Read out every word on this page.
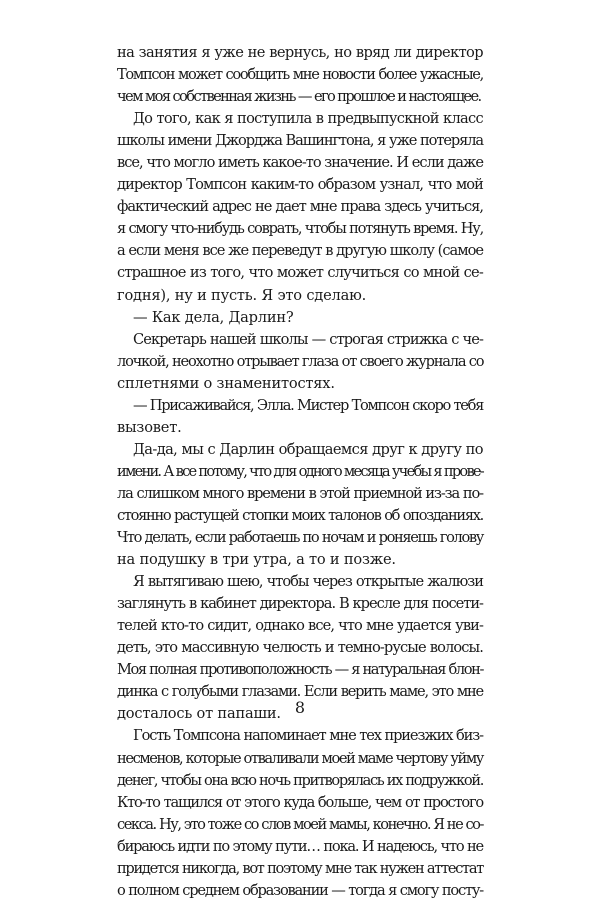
на занятия я уже не вернусь, но вряд ли директор
Томпсон может сообщить мне новости более ужасные,
чем моя собственная жизнь — его прошлое и настоящее.
До того, как я поступила в предвыпускной класс
школы имени Джорджа Вашингтона, я уже потеряла
все, что могло иметь какое-то значение. И если даже
директор Томпсон каким-то образом узнал, что мой
фактический адрес не дает мне права здесь учиться,
я смогу что-нибудь соврать, чтобы потянуть время. Ну,
а если меня все же переведут в другую школу (самое
страшное из того, что может случиться со мной се-
годня), ну и пусть. Я это сделаю.
— Как дела, Дарлин?
Секретарь нашей школы — строгая стрижка с че-
лочкой, неохотно отрывает глаза от своего журнала со
сплетнями о знаменитостях.
— Присаживайся, Элла. Мистер Томпсон скоро тебя
вызовет.
Да-да, мы с Дарлин обращаемся друг к другу по
имени. А все потому, что для одного месяца учебы я прове-
ла слишком много времени в этой приемной из-за по-
стоянно растущей стопки моих талонов об опозданиях.
Что делать, если работаешь по ночам и роняешь голову
на подушку в три утра, а то и позже.
Я вытягиваю шею, чтобы через открытые жалюзи
заглянуть в кабинет директора. В кресле для посети-
телей кто-то сидит, однако все, что мне удается уви-
деть, это массивную челюсть и темно-русые волосы.
Моя полная противоположность — я натуральная блон-
динка с голубыми глазами. Если верить маме, это мне
досталось от папаши.
Гость Томпсона напоминает мне тех приезжих биз-
несменов, которые отваливали моей маме чертову уйму
денег, чтобы она всю ночь притворялась их подружкой.
Кто-то тащился от этого куда больше, чем от простого
секса. Ну, это тоже со слов моей мамы, конечно. Я не со-
бираюсь идти по этому пути… пока. И надеюсь, что не
придется никогда, вот поэтому мне так нужен аттестат
о полном среднем образовании — тогда я смогу посту-
8
